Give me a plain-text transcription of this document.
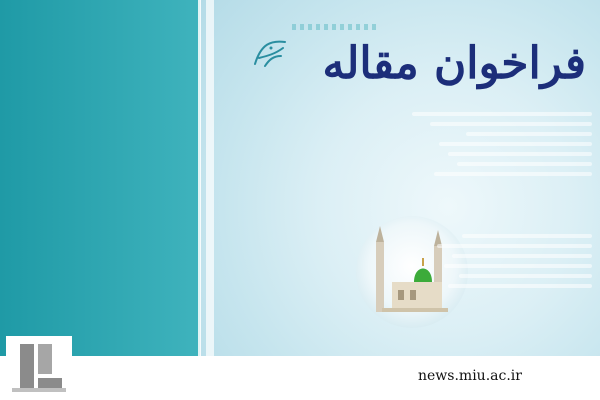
فراخوان مقاله
news.miu.ac.ir
